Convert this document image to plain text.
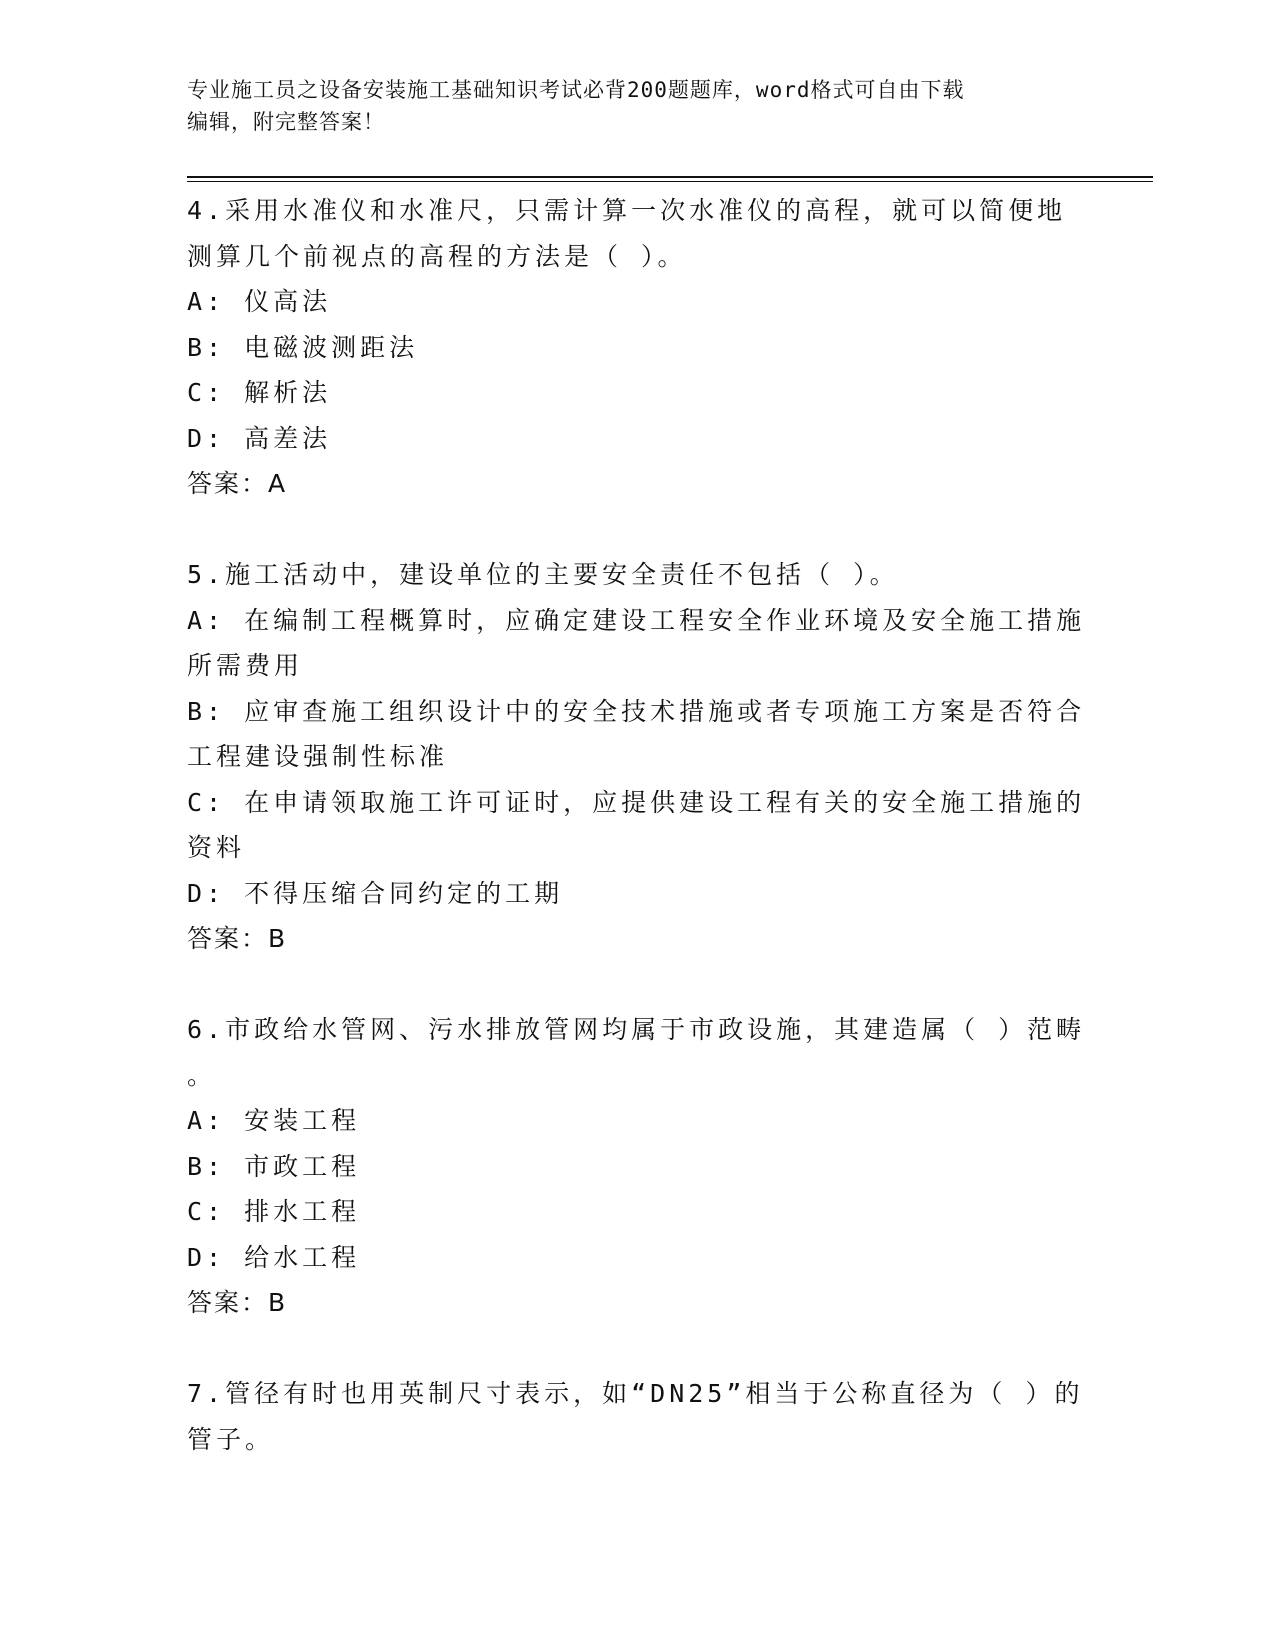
专业施工员之设备安装施工基础知识考试必背200题题库，word格式可自由下载
编辑，附完整答案！
4.采用水准仪和水准尺，只需计算一次水准仪的高程，就可以简便地
测算几个前视点的高程的方法是（ ）。
A: 仪高法
B: 电磁波测距法
C: 解析法
D: 高差法
答案：A
5.施工活动中，建设单位的主要安全责任不包括（ ）。
A: 在编制工程概算时，应确定建设工程安全作业环境及安全施工措施
所需费用
B: 应审查施工组织设计中的安全技术措施或者专项施工方案是否符合
工程建设强制性标准
C: 在申请领取施工许可证时，应提供建设工程有关的安全施工措施的
资料
D: 不得压缩合同约定的工期
答案：B
6.市政给水管网、污水排放管网均属于市政设施，其建造属（ ）范畴
。
A: 安装工程
B: 市政工程
C: 排水工程
D: 给水工程
答案：B
7.管径有时也用英制尺寸表示，如“DN25”相当于公称直径为（ ）的
管子。
